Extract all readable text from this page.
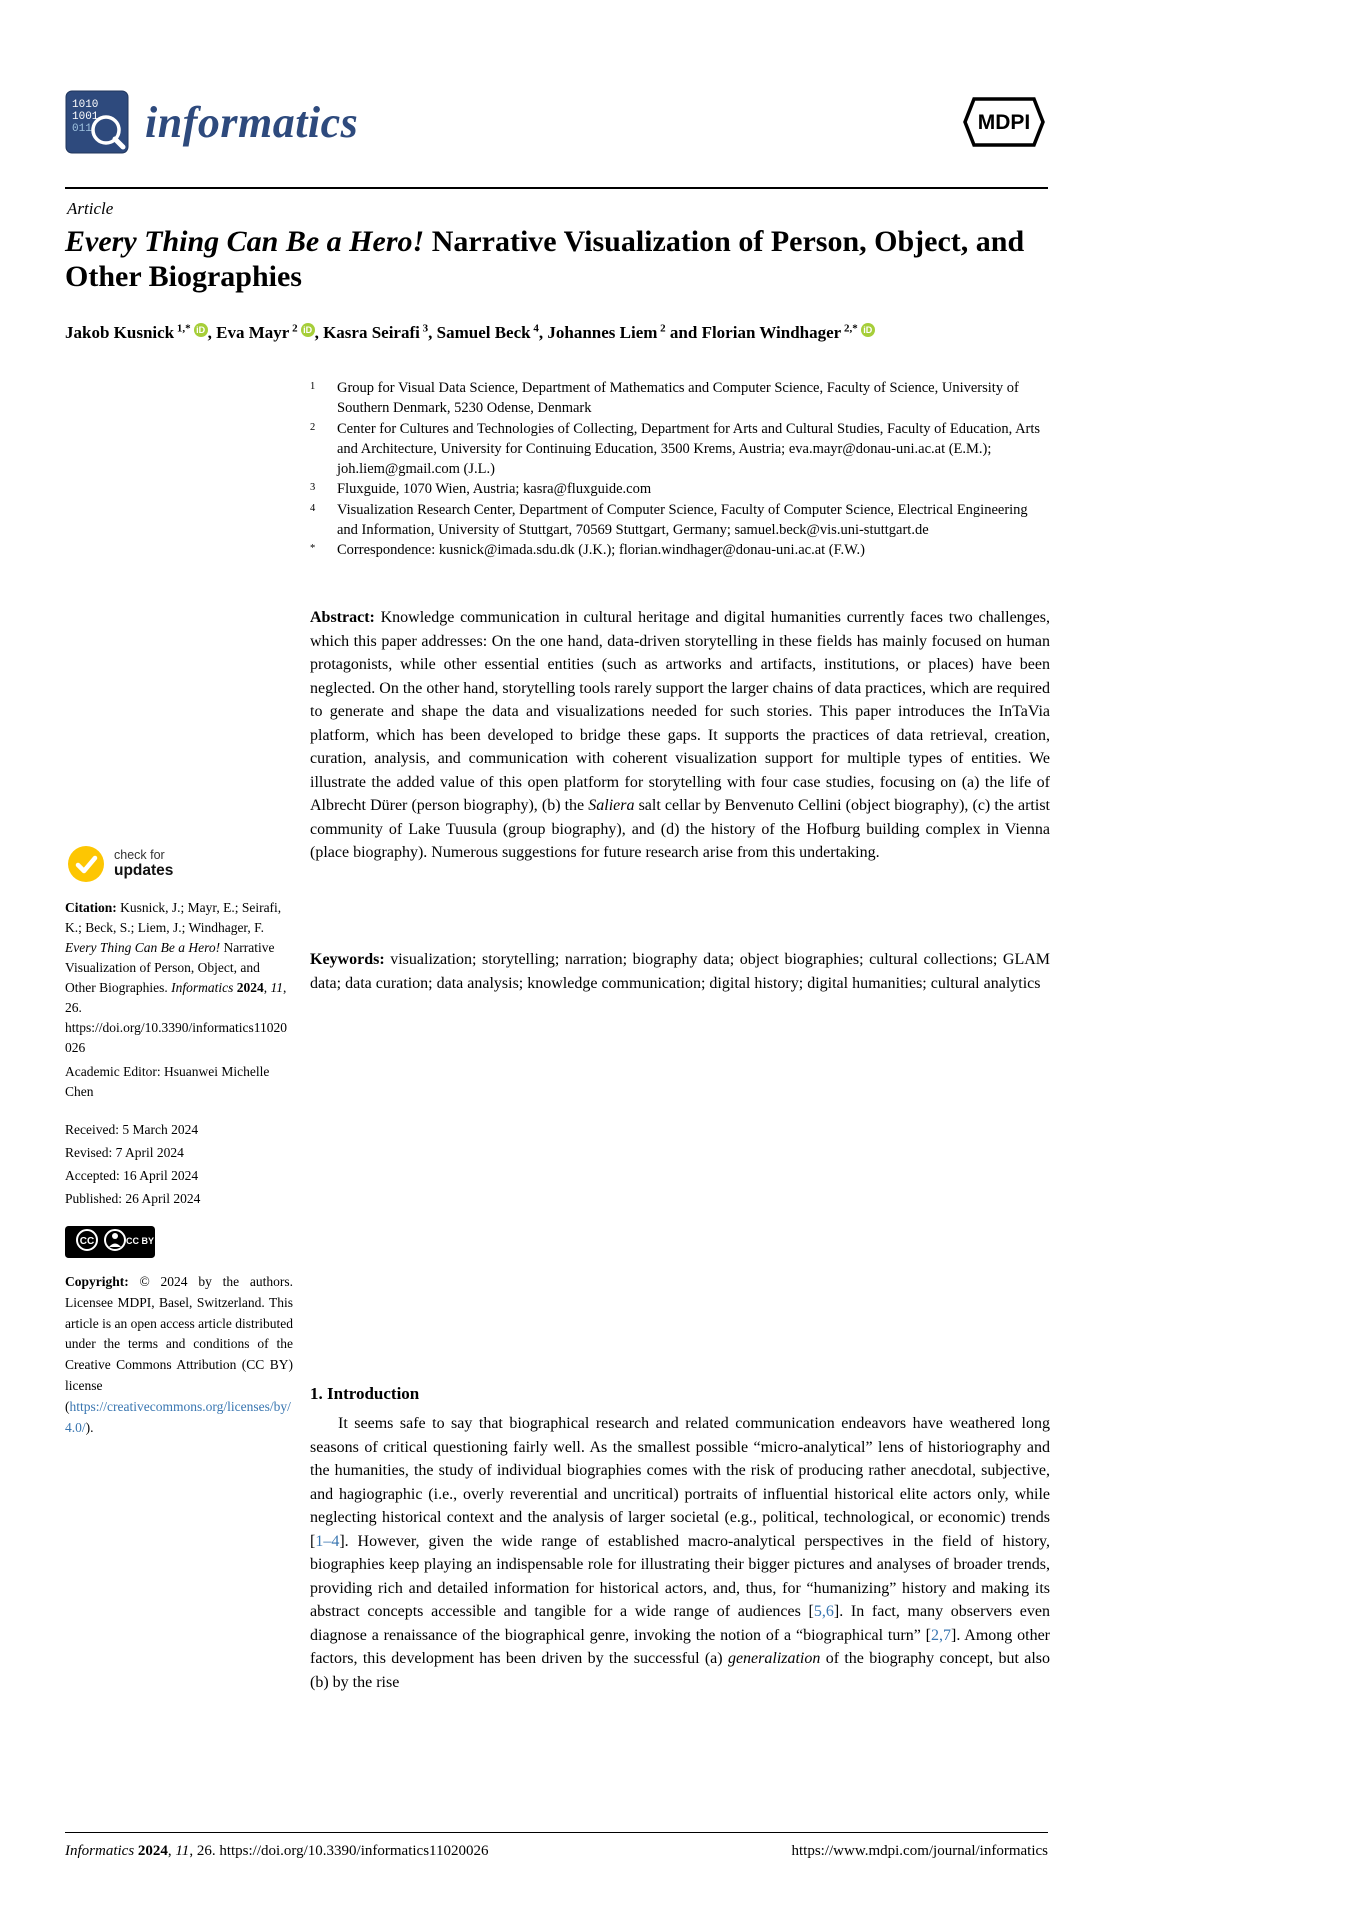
1010
1001
011 informatics	MDPI
Article
Every Thing Can Be a Hero! Narrative Visualization of Person, Object, and Other Biographies
Jakob Kusnick $^{1,*}$ iD , Eva Mayr $^2$ iD , Kasra Seirafi $^3$, Samuel Beck $^4$, Johannes Liem $^2$ and Florian Windhager $^{2,*}$ iD
1	Group for Visual Data Science, Department of Mathematics and Computer Science, Faculty of Science, University of Southern Denmark, 5230 Odense, Denmark
2	Center for Cultures and Technologies of Collecting, Department for Arts and Cultural Studies, Faculty of Education, Arts and Architecture, University for Continuing Education, 3500 Krems, Austria; eva.mayr@donau-uni.ac.at (E.M.); joh.liem@gmail.com (J.L.)
3	Fluxguide, 1070 Wien, Austria; kasra@fluxguide.com
4	Visualization Research Center, Department of Computer Science, Faculty of Computer Science, Electrical Engineering and Information, University of Stuttgart, 70569 Stuttgart, Germany; samuel.beck@vis.uni-stuttgart.de
*	Correspondence: kusnick@imada.sdu.dk (J.K.); florian.windhager@donau-uni.ac.at (F.W.)

Abstract: Knowledge communication in cultural heritage and digital humanities currently faces two challenges, which this paper addresses: On the one hand, data-driven storytelling in these fields has mainly focused on human protagonists, while other essential entities (such as artworks and artifacts, institutions, or places) have been neglected. On the other hand, storytelling tools rarely support the larger chains of data practices, which are required to generate and shape the data and visualizations needed for such stories. This paper introduces the InTaVia platform, which has been developed to bridge these gaps. It supports the practices of data retrieval, creation, curation, analysis, and communication with coherent visualization support for multiple types of entities. We illustrate the added value of this open platform for storytelling with four case studies, focusing on (a) the life of Albrecht Dürer (person biography), (b) the Saliera salt cellar by Benvenuto Cellini (object biography), (c) the artist community of Lake Tuusula (group biography), and (d) the history of the Hofburg building complex in Vienna (place biography). Numerous suggestions for future research arise from this undertaking.

Keywords: visualization; storytelling; narration; biography data; object biographies; cultural collections; GLAM data; data curation; data analysis; knowledge communication; digital history; digital humanities; cultural analytics

check for
updates

Citation: Kusnick, J.; Mayr, E.; Seirafi, K.; Beck, S.; Liem, J.; Windhager, F. Every Thing Can Be a Hero! Narrative Visualization of Person, Object, and Other Biographies. Informatics 2024, 11, 26. https://doi.org/10.3390/informatics11020026

Academic Editor: Hsuanwei Michelle Chen

Received: 5 March 2024
Revised: 7 April 2024
Accepted: 16 April 2024
Published: 26 April 2024
CC	CC BY

Copyright: © 2024 by the authors. Licensee MDPI, Basel, Switzerland. This article is an open access article distributed under the terms and conditions of the Creative Commons Attribution (CC BY) license (https://creativecommons.org/licenses/by/4.0/).

1. Introduction

It seems safe to say that biographical research and related communication endeavors have weathered long seasons of critical questioning fairly well. As the smallest possible “micro-analytical” lens of historiography and the humanities, the study of individual biographies comes with the risk of producing rather anecdotal, subjective, and hagiographic (i.e., overly reverential and uncritical) portraits of influential historical elite actors only, while neglecting historical context and the analysis of larger societal (e.g., political, technological, or economic) trends [1–4]. However, given the wide range of established macro-analytical perspectives in the field of history, biographies keep playing an indispensable role for illustrating their bigger pictures and analyses of broader trends, providing rich and detailed information for historical actors, and, thus, for “humanizing” history and making its abstract concepts accessible and tangible for a wide range of audiences [5,6]. In fact, many observers even diagnose a renaissance of the biographical genre, invoking the notion of a “biographical turn” [2,7]. Among other factors, this development has been driven by the successful (a) generalization of the biography concept, but also (b) by the rise

Informatics 2024, 11, 26. https://doi.org/10.3390/informatics11020026	https://www.mdpi.com/journal/informatics
